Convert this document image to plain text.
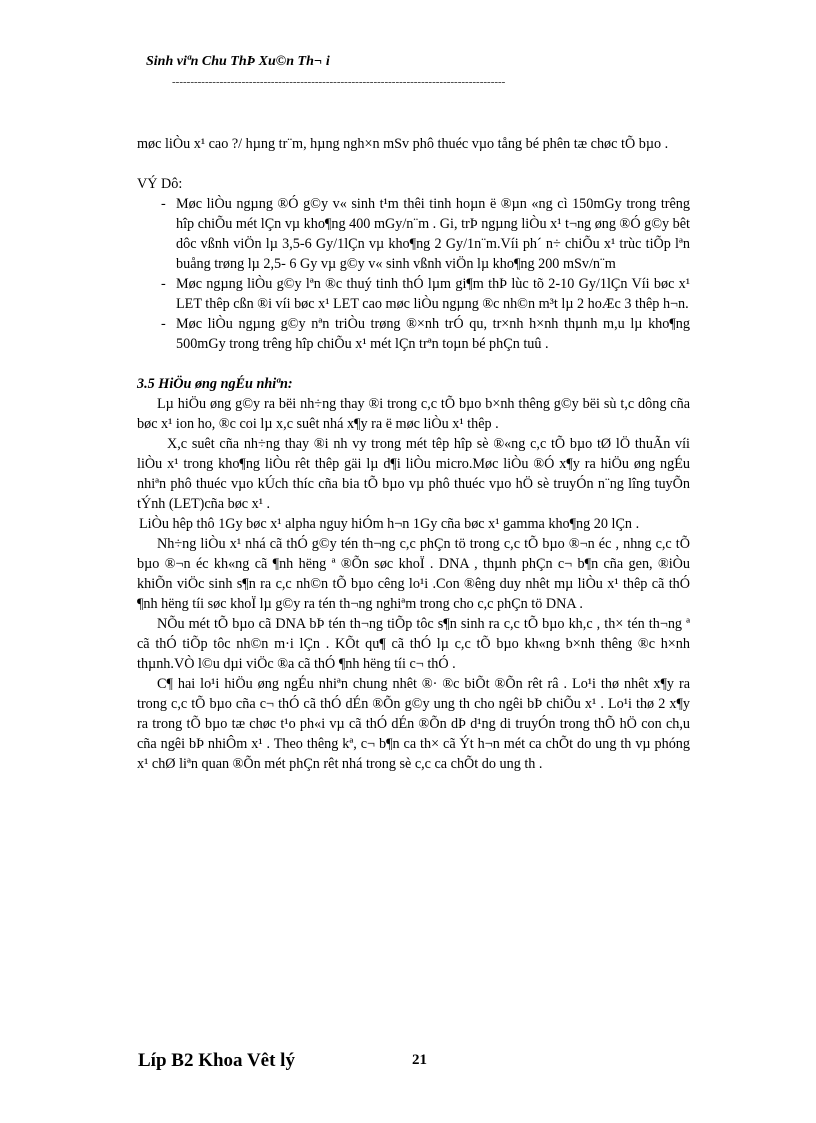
Sinh viªn Chu ThÞ Xu©n Th¬ i
-------------------------------------------------------------------------------------------

møc liÒu x¹ cao ?/ hµng tr¨m, hµng ngh×n mSv phô thuéc vµo tång bé phên tæ chøc tÕ bµo .

VÝ Dô:

- Møc liÒu ngµng ®Ó g©y v« sinh t¹m thêi tinh hoµn ë ®µn «ng cì 150mGy trong trêng hîp chiÕu mét lÇn vµ kho¶ng 400 mGy/n¨m . Gi, trÞ ngµng liÒu x¹ t¬ng øng ®Ó g©y bêt dôc vßnh viÖn lµ 3,5-6 Gy/1lÇn vµ kho¶ng 2 Gy/1n¨m.Víi ph´ n÷ chiÕu x¹ trùc tiÕp lªn buång trøng lµ 2,5- 6 Gy vµ g©y v« sinh vßnh viÖn lµ kho¶ng 200 mSv/n¨m
- Møc ngµng liÒu g©y lªn ®c thuý tinh thÓ lµm gi¶m thÞ lùc tõ 2-10 Gy/1lÇn Víi bøc x¹ LET thêp cßn ®i víi bøc x¹ LET cao møc liÒu ngµng ®c nh©n m³t lµ 2 hoÆc 3 thêp h¬n.
- Møc liÒu ngµng g©y nªn triÒu trøng ®×nh trÓ qu, tr×nh h×nh thµnh m,u lµ kho¶ng 500mGy trong trêng hîp chiÕu x¹ mét lÇn trªn toµn bé phÇn tuû .

3.5 HiÖu øng ngÉu nhiªn:

Lµ hiÖu øng g©y ra bëi nh÷ng thay ®i trong c,c tÕ bµo b×nh thêng g©y bëi sù t,c dông cña bøc x¹ ion ho, ®c coi lµ x,c suêt nhá x¶y ra ë møc liÒu x¹ thêp .

X,c suêt cña nh÷ng thay ®i nh vy trong mét têp hîp sè ®«ng c,c tÕ bµo tØ lÖ thuÃn víi liÒu x¹ trong kho¶ng liÒu rêt thêp gäi lµ d¶i liÒu micro.Møc liÒu ®Ó x¶y ra hiÖu øng ngÉu nhiªn phô thuéc vµo kÚch thíc cña bia tÕ bµo vµ phô thuéc vµo hÖ sè truyÓn n¨ng lîng tuyÕn tÝnh (LET)cña bøc x¹ .

LiÒu hêp thô 1Gy bøc x¹ alpha nguy hiÓm h¬n 1Gy cña bøc x¹ gamma kho¶ng 20 lÇn .

Nh÷ng liÒu x¹ nhá cã thÓ g©y tén th¬ng c,c phÇn tö trong c,c tÕ bµo ®¬n éc , nhng c,c tÕ bµo ®¬n éc kh«ng cã ¶nh hëng ª ®Õn søc khoÏ . DNA , thµnh phÇn c¬ b¶n cña gen, ®iÒu khiÕn viÖc sinh s¶n ra c,c nh©n tÕ bµo cêng lo¹i .Con ®êng duy nhêt mµ liÒu x¹ thêp cã thÓ ¶nh hëng tíi søc khoÏ lµ g©y ra tén th¬ng nghiªm trong cho c,c phÇn tö DNA .

NÕu mét tÕ bµo cã DNA bÞ tén th¬ng tiÕp tôc s¶n sinh ra c,c tÕ bµo kh,c , th× tén th¬ng ª cã thÓ tiÕp tôc nh©n m·i lÇn . KÕt qu¶ cã thÓ lµ c,c tÕ bµo kh«ng b×nh thêng ®c h×nh thµnh.VÒ l©u dµi viÖc ®a cã thÓ ¶nh hëng tíi c¬ thÓ .

C¶ hai lo¹i hiÖu øng ngÉu nhiªn chung nhêt ®· ®c biÕt ®Õn rêt râ . Lo¹i thø nhêt x¶y ra trong c,c tÕ bµo cña c¬ thÓ cã thÓ dÉn ®Õn g©y ung th cho ngêi bÞ chiÕu x¹ . Lo¹i thø 2 x¶y ra trong tÕ bµo tæ chøc t¹o ph«i vµ cã thÓ dÉn ®Õn dÞ d¹ng di truyÓn trong thÕ hÖ con ch,u cña ngêi bÞ nhiÔm x¹ . Theo thêng kª, c¬ b¶n ca th× cã Ýt h¬n mét ca chÕt do ung th vµ phóng x¹ chØ liªn quan ®Õn mét phÇn rêt nhá trong sè c,c ca chÕt do ung th .

Líp B2 Khoa Vêt lý	21
